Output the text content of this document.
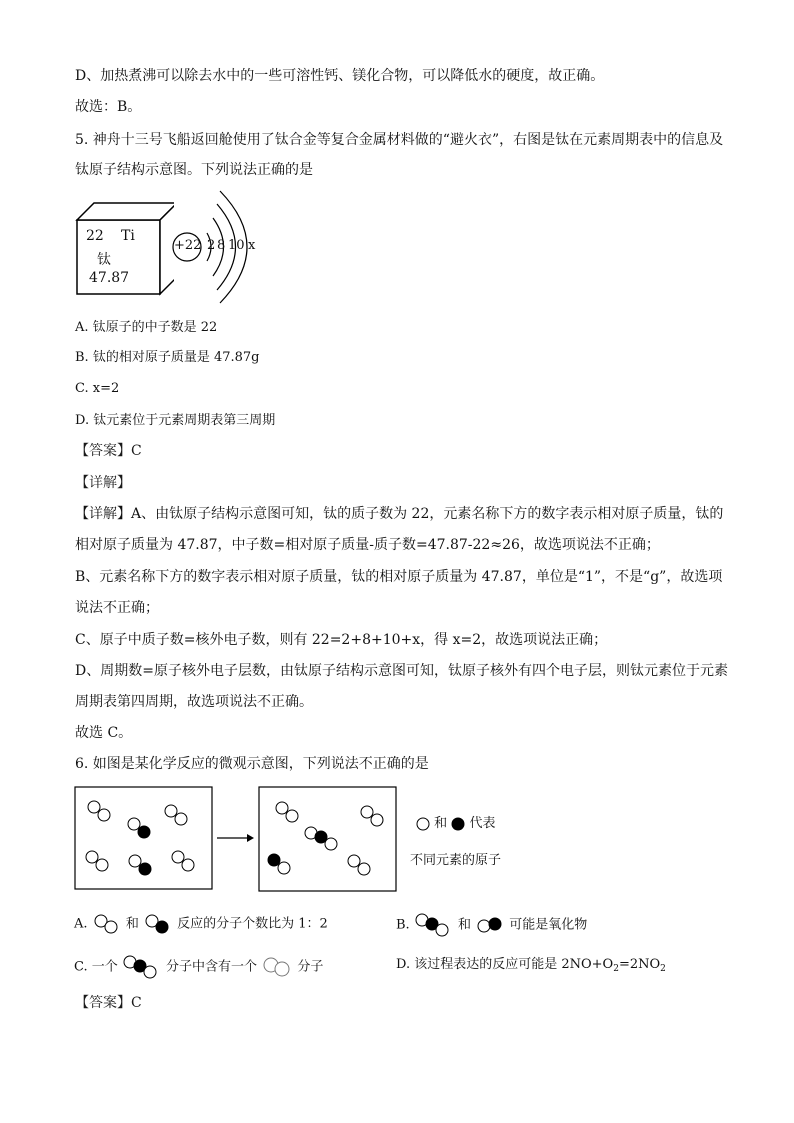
D、加热煮沸可以除去水中的一些可溶性钙、镁化合物，可以降低水的硬度，故正确。
故选：B。
5. 神舟十三号飞船返回舱使用了钛合金等复合金属材料做的“避火衣”，右图是钛在元素周期表中的信息及
钛原子结构示意图。下列说法正确的是
22 Ti
钛
47.87
+22 2 8 10 x
A. 钛原子的中子数是 22
B. 钛的相对原子质量是 47.87g
C. x=2
D. 钛元素位于元素周期表第三周期
【答案】C
【详解】
【详解】A、由钛原子结构示意图可知，钛的质子数为 22，元素名称下方的数字表示相对原子质量，钛的
相对原子质量为 47.87，中子数=相对原子质量-质子数=47.87-22≈26，故选项说法不正确；
B、元素名称下方的数字表示相对原子质量，钛的相对原子质量为 47.87，单位是“1”，不是“g”，故选项
说法不正确；
C、原子中质子数=核外电子数，则有 22=2+8+10+x，得 x=2，故选项说法正确；
D、周期数=原子核外电子层数，由钛原子结构示意图可知，钛原子核外有四个电子层，则钛元素位于元素
周期表第四周期，故选项说法不正确。
故选 C。
6. 如图是某化学反应的微观示意图，下列说法不正确的是
和 代表
不同元素的原子
A.	和	反应的分子个数比为 1：2	B.	和	可能是氧化物
C. 一个	分子中含有一个	分子	D. 该过程表达的反应可能是 $2NO+O_2=2NO_2$
【答案】C
